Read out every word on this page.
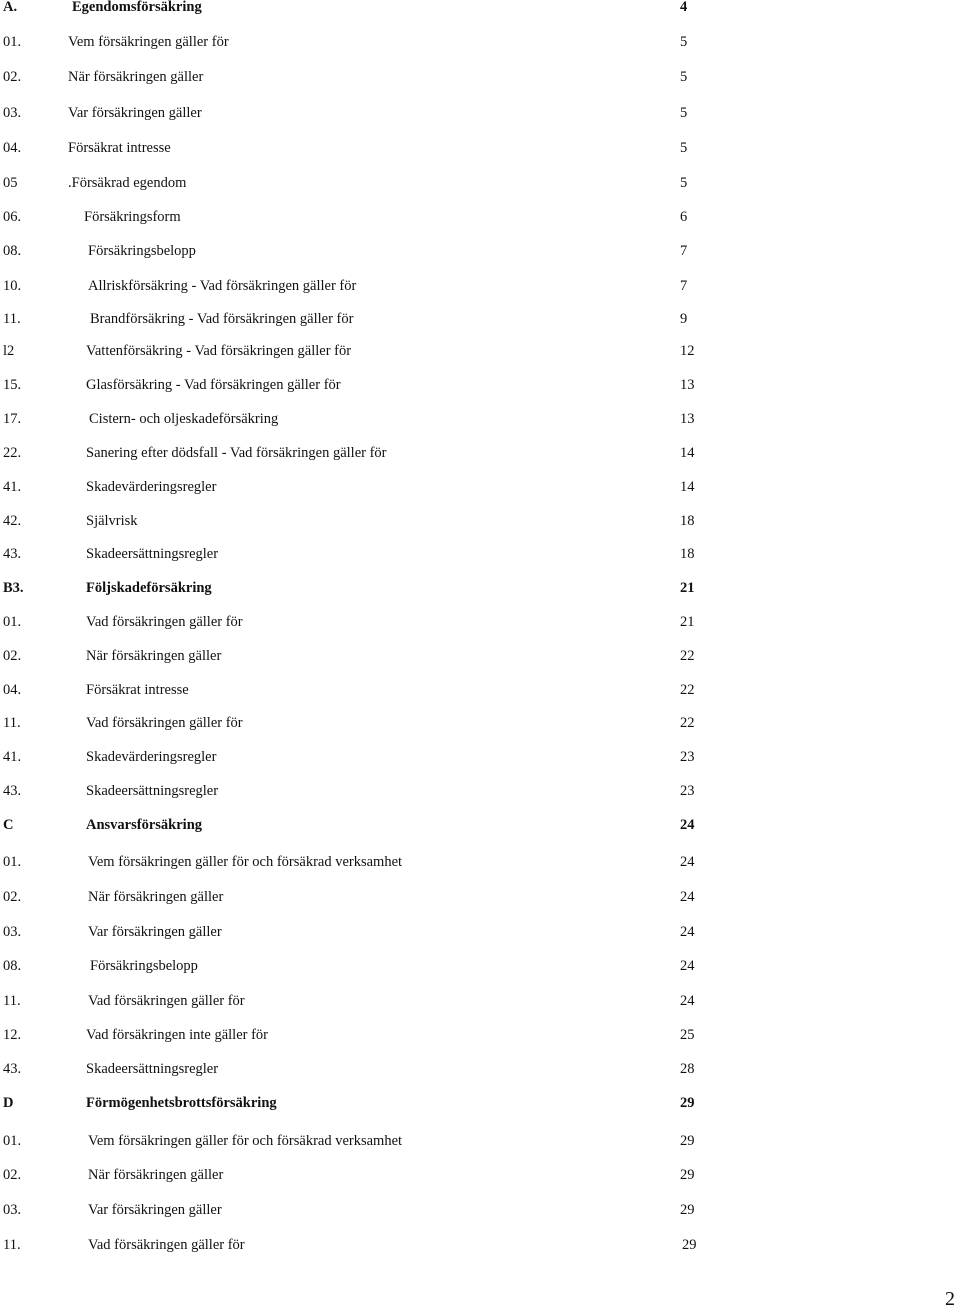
A.	Egendomsförsäkring	4
01.	Vem försäkringen gäller för	5
02.	När försäkringen gäller	5
03.	Var försäkringen gäller	5
04.	Försäkrat intresse	5
05	.Försäkrad egendom	5
06.	Försäkringsform	6
08.	Försäkringsbelopp	7
10.	Allriskförsäkring - Vad försäkringen gäller för	7
11.	Brandförsäkring - Vad försäkringen gäller för	9
l2	Vattenförsäkring - Vad försäkringen gäller för	12
15.	Glasförsäkring - Vad försäkringen gäller för	13
17.	Cistern- och oljeskadeförsäkring	13
22.	Sanering efter dödsfall - Vad försäkringen gäller för	14
41.	Skadevärderingsregler	14
42.	Självrisk	18
43.	Skadeersättningsregler	18
B3.	Följskadeförsäkring	21
01.	Vad försäkringen gäller för	21
02.	När försäkringen gäller	22
04.	Försäkrat intresse	22
11.	Vad försäkringen gäller för	22
41.	Skadevärderingsregler	23
43.	Skadeersättningsregler	23
C	Ansvarsförsäkring	24
01.	Vem försäkringen gäller för och försäkrad verksamhet	24
02.	När försäkringen gäller	24
03.	Var försäkringen gäller	24
08.	Försäkringsbelopp	24
11.	Vad försäkringen gäller för	24
12.	Vad försäkringen inte gäller för	25
43.	Skadeersättningsregler	28
D	Förmögenhetsbrottsförsäkring	29
01.	Vem försäkringen gäller för och försäkrad verksamhet	29
02.	När försäkringen gäller	29
03.	Var försäkringen gäller	29
11.	Vad försäkringen gäller för	29
2
